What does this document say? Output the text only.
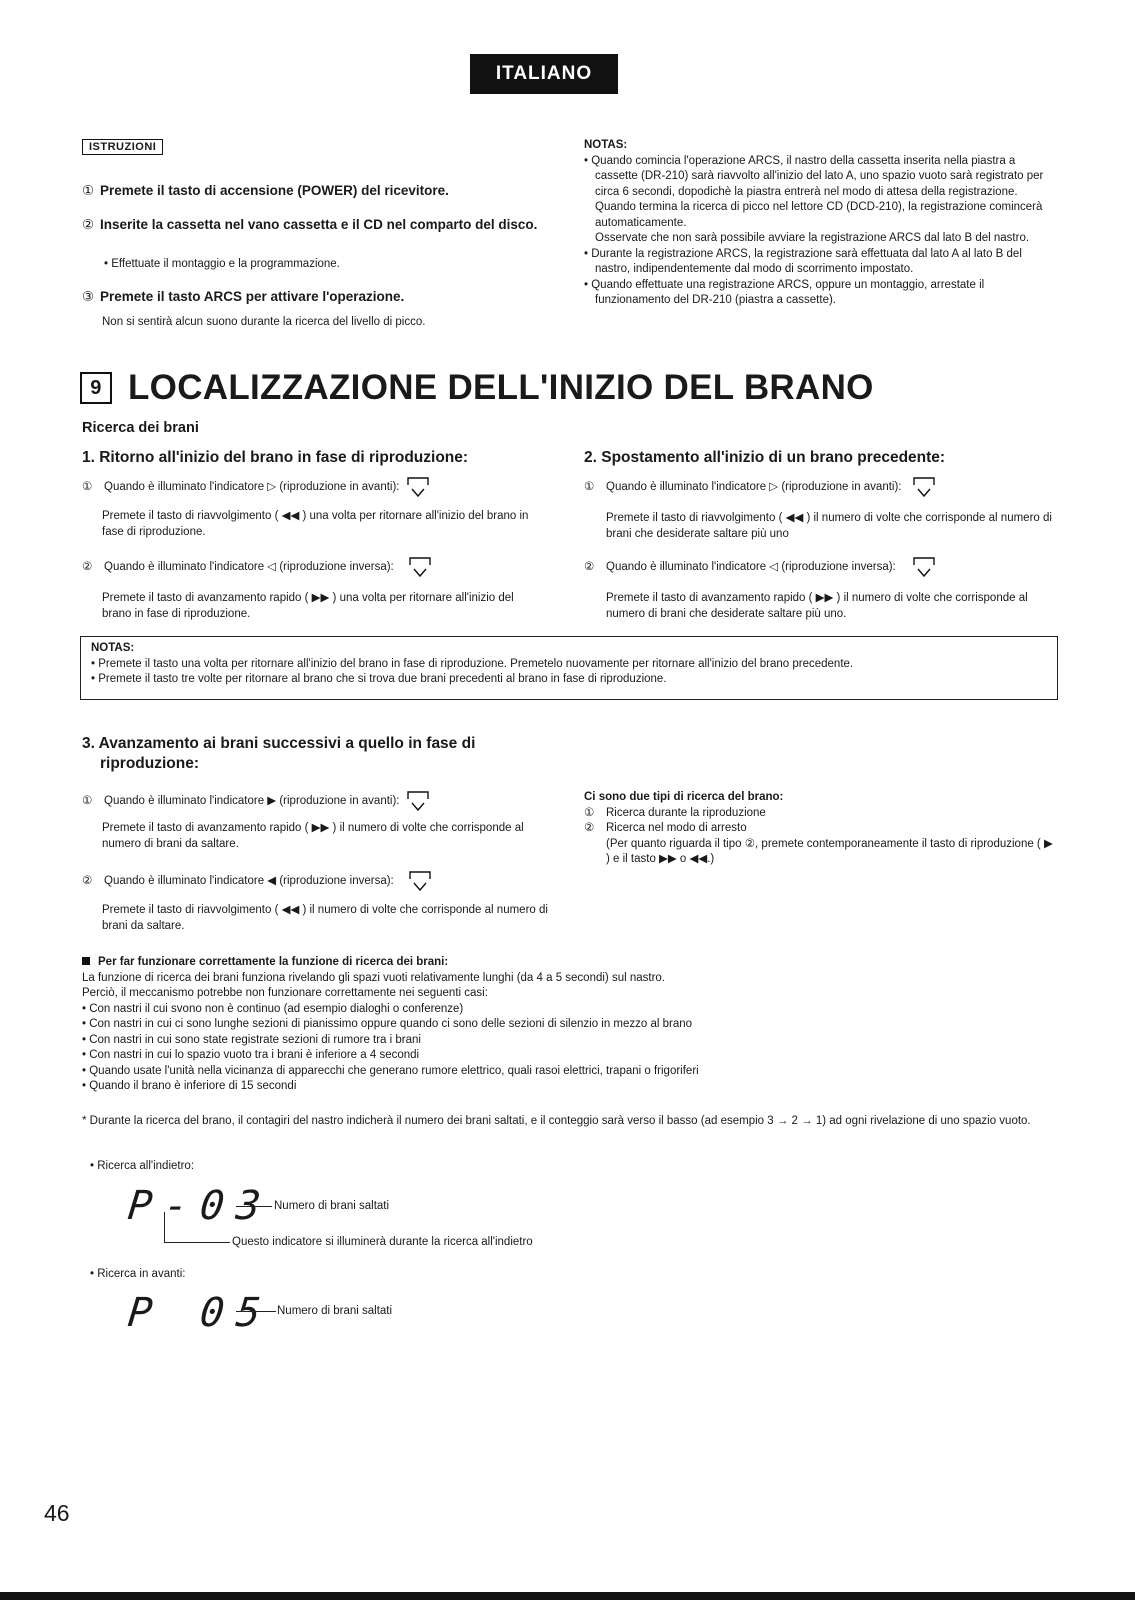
ITALIANO
ISTRUZIONI
① Premete il tasto di accensione (POWER) del ricevitore.
② Inserite la cassetta nel vano cassetta e il CD nel comparto del disco.
• Effettuate il montaggio e la programmazione.
③ Premete il tasto ARCS per attivare l'operazione.
Non si sentirà alcun suono durante la ricerca del livello di picco.

NOTAS:

• Quando comincia l'operazione ARCS, il nastro della cassetta inserita nella piastra a cassette (DR-210) sarà riavvolto all'inizio del lato A, uno spazio vuoto sarà registrato per circa 6 secondi, dopodichè la piastra entrerà nel modo di attesa della registrazione. Quando termina la ricerca di picco nel lettore CD (DCD-210), la registrazione comincerà automaticamente.

Osservate che non sarà possibile avviare la registrazione ARCS dal lato B del nastro.

• Durante la registrazione ARCS, la registrazione sarà effettuata dal lato A al lato B del nastro, indipendentemente dal modo di scorrimento impostato.

• Quando effettuate una registrazione ARCS, oppure un montaggio, arrestate il funzionamento del DR-210 (piastra a cassette).

9 LOCALIZZAZIONE DELL'INIZIO DEL BRANO
Ricerca dei brani
1. Ritorno all'inizio del brano in fase di riproduzione:
①	Quando è illuminato l'indicatore ▷ (riproduzione in avanti):
Premete il tasto di riavvolgimento ( ◀◀ ) una volta per ritornare all'inizio del brano in fase di riproduzione.
②	Quando è illuminato l'indicatore ◁ (riproduzione inversa):
Premete il tasto di avanzamento rapido ( ▶▶ ) una volta per ritornare all'inizio del brano in fase di riproduzione.
2. Spostamento all'inizio di un brano precedente:
①	Quando è illuminato l'indicatore ▷ (riproduzione in avanti):
Premete il tasto di riavvolgimento ( ◀◀ ) il numero di volte che corrisponde al numero di brani che desiderate saltare più uno
②	Quando è illuminato l'indicatore ◁ (riproduzione inversa):
Premete il tasto di avanzamento rapido ( ▶▶ ) il numero di volte che corrisponde al numero di brani che desiderate saltare più uno.

NOTAS:

• Premete il tasto una volta per ritornare all'inizio del brano in fase di riproduzione. Premetelo nuovamente per ritornare all'inizio del brano precedente.

• Premete il tasto tre volte per ritornare al brano che si trova due brani precedenti al brano in fase di riproduzione.

3. Avanzamento ai brani successivi a quello in fase di
riproduzione:
①	Quando è illuminato l'indicatore ▶ (riproduzione in avanti):
Premete il tasto di avanzamento rapido ( ▶▶ ) il numero di volte che corrisponde al numero di brani da saltare.
②	Quando è illuminato l'indicatore ◀ (riproduzione inversa):
Premete il tasto di riavvolgimento ( ◀◀ ) il numero di volte che corrisponde al numero di brani da saltare.

Ci sono due tipi di ricerca del brano:

① Ricerca durante la riproduzione

② Ricerca nel modo di arresto

(Per quanto riguarda il tipo ②, premete contemporaneamente il tasto di riproduzione ( ▶ ) e il tasto ▶▶ o ◀◀.)

Per far funzionare correttamente la funzione di ricerca dei brani:

La funzione di ricerca dei brani funziona rivelando gli spazi vuoti relativamente lunghi (da 4 a 5 secondi) sul nastro.

Perciò, il meccanismo potrebbe non funzionare correttamente nei seguenti casi:

• Con nastri il cui svono non è continuo (ad esempio dialoghi o conferenze)

• Con nastri in cui ci sono lunghe sezioni di pianissimo oppure quando ci sono delle sezioni di silenzio in mezzo al brano

• Con nastri in cui sono state registrate sezioni di rumore tra i brani

• Con nastri in cui lo spazio vuoto tra i brani è inferiore a 4 secondi

• Quando usate l'unità nella vicinanza di apparecchi che generano rumore elettrico, quali rasoi elettrici, trapani o frigoriferi

• Quando il brano è inferiore di 15 secondi

* Durante la ricerca del brano, il contagiri del nastro indicherà il numero dei brani saltati, e il conteggio sarà verso il basso (ad esempio 3 → 2 → 1) ad ogni rivelazione di uno spazio vuoto.
• Ricerca all'indietro:
P-03 Numero di brani saltati
Questo indicatore si illuminerà durante la ricerca all'indietro
• Ricerca in avanti:
P 05 Numero di brani saltati
46
